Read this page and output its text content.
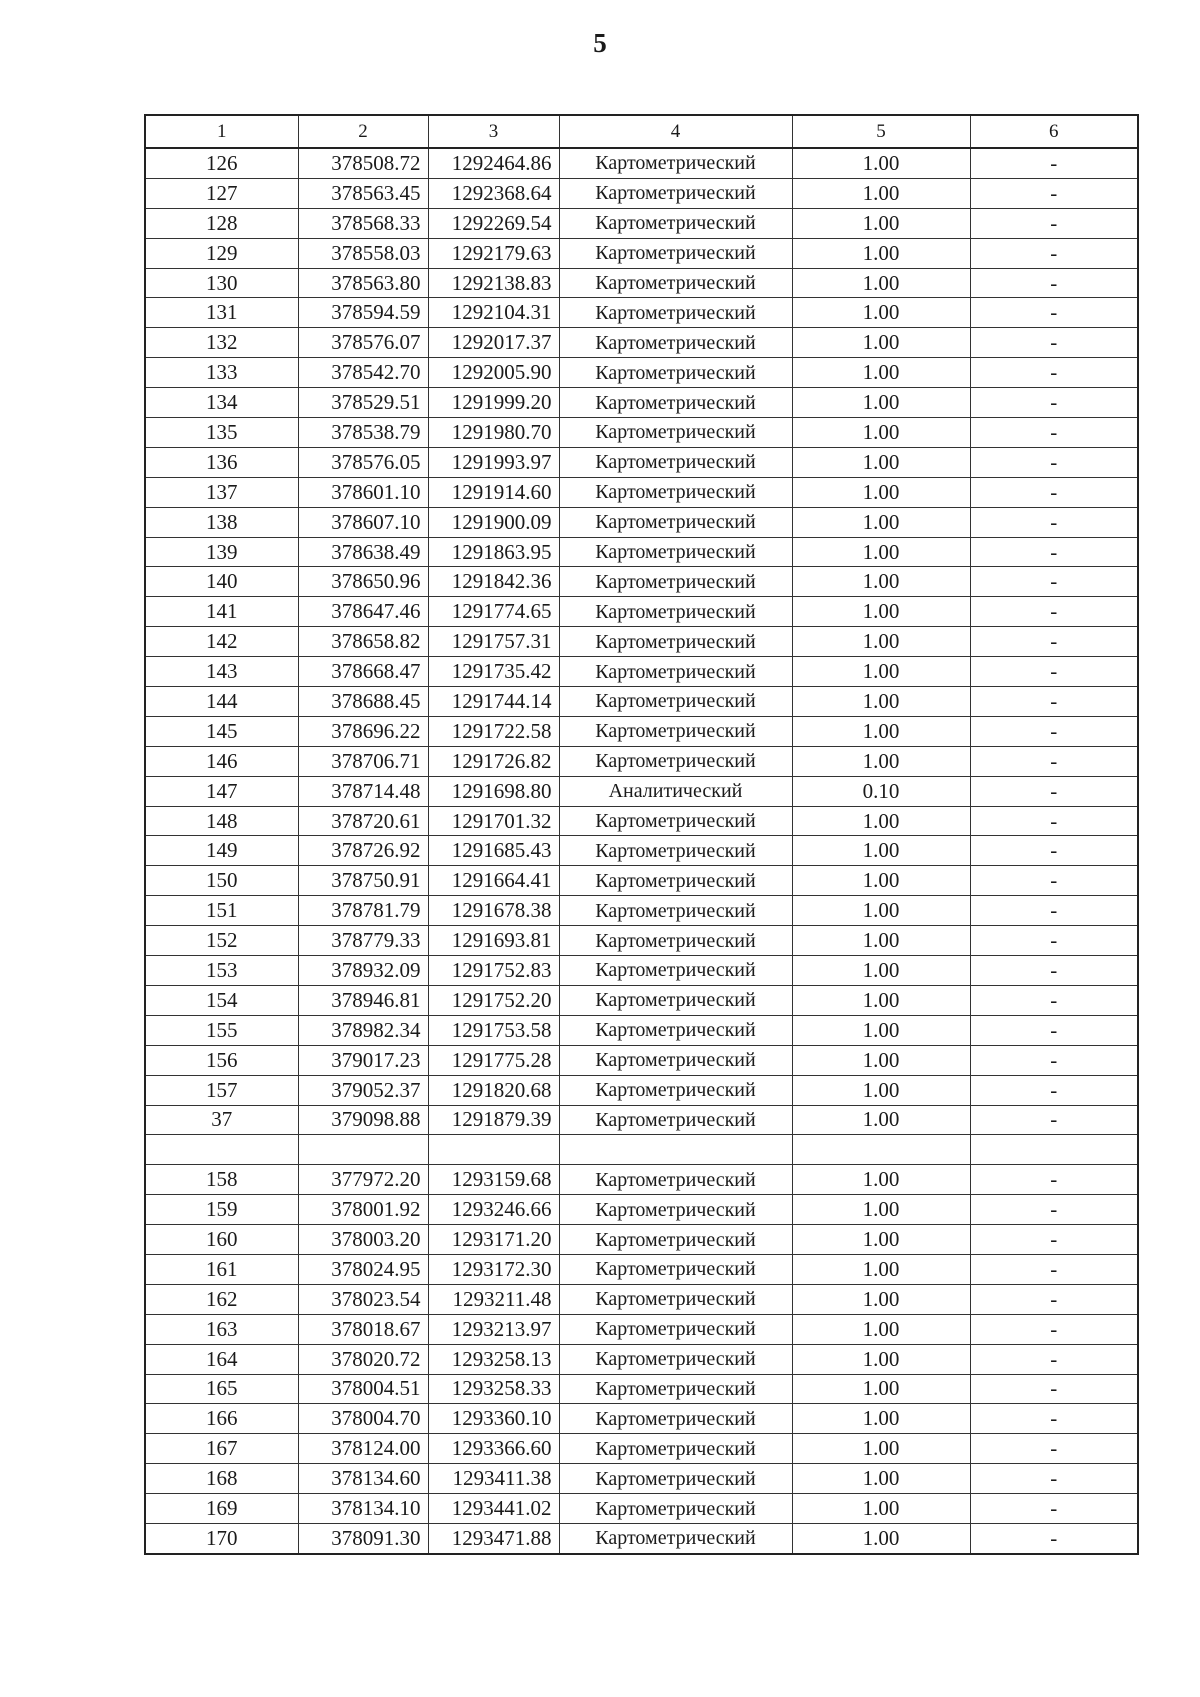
5
1	2	3	4	5	6
126	378508.72	1292464.86	Картометрический	1.00	-
127	378563.45	1292368.64	Картометрический	1.00	-
128	378568.33	1292269.54	Картометрический	1.00	-
129	378558.03	1292179.63	Картометрический	1.00	-
130	378563.80	1292138.83	Картометрический	1.00	-
131	378594.59	1292104.31	Картометрический	1.00	-
132	378576.07	1292017.37	Картометрический	1.00	-
133	378542.70	1292005.90	Картометрический	1.00	-
134	378529.51	1291999.20	Картометрический	1.00	-
135	378538.79	1291980.70	Картометрический	1.00	-
136	378576.05	1291993.97	Картометрический	1.00	-
137	378601.10	1291914.60	Картометрический	1.00	-
138	378607.10	1291900.09	Картометрический	1.00	-
139	378638.49	1291863.95	Картометрический	1.00	-
140	378650.96	1291842.36	Картометрический	1.00	-
141	378647.46	1291774.65	Картометрический	1.00	-
142	378658.82	1291757.31	Картометрический	1.00	-
143	378668.47	1291735.42	Картометрический	1.00	-
144	378688.45	1291744.14	Картометрический	1.00	-
145	378696.22	1291722.58	Картометрический	1.00	-
146	378706.71	1291726.82	Картометрический	1.00	-
147	378714.48	1291698.80	Аналитический	0.10	-
148	378720.61	1291701.32	Картометрический	1.00	-
149	378726.92	1291685.43	Картометрический	1.00	-
150	378750.91	1291664.41	Картометрический	1.00	-
151	378781.79	1291678.38	Картометрический	1.00	-
152	378779.33	1291693.81	Картометрический	1.00	-
153	378932.09	1291752.83	Картометрический	1.00	-
154	378946.81	1291752.20	Картометрический	1.00	-
155	378982.34	1291753.58	Картометрический	1.00	-
156	379017.23	1291775.28	Картометрический	1.00	-
157	379052.37	1291820.68	Картометрический	1.00	-
37	379098.88	1291879.39	Картометрический	1.00	-

158	377972.20	1293159.68	Картометрический	1.00	-
159	378001.92	1293246.66	Картометрический	1.00	-
160	378003.20	1293171.20	Картометрический	1.00	-
161	378024.95	1293172.30	Картометрический	1.00	-
162	378023.54	1293211.48	Картометрический	1.00	-
163	378018.67	1293213.97	Картометрический	1.00	-
164	378020.72	1293258.13	Картометрический	1.00	-
165	378004.51	1293258.33	Картометрический	1.00	-
166	378004.70	1293360.10	Картометрический	1.00	-
167	378124.00	1293366.60	Картометрический	1.00	-
168	378134.60	1293411.38	Картометрический	1.00	-
169	378134.10	1293441.02	Картометрический	1.00	-
170	378091.30	1293471.88	Картометрический	1.00	-
